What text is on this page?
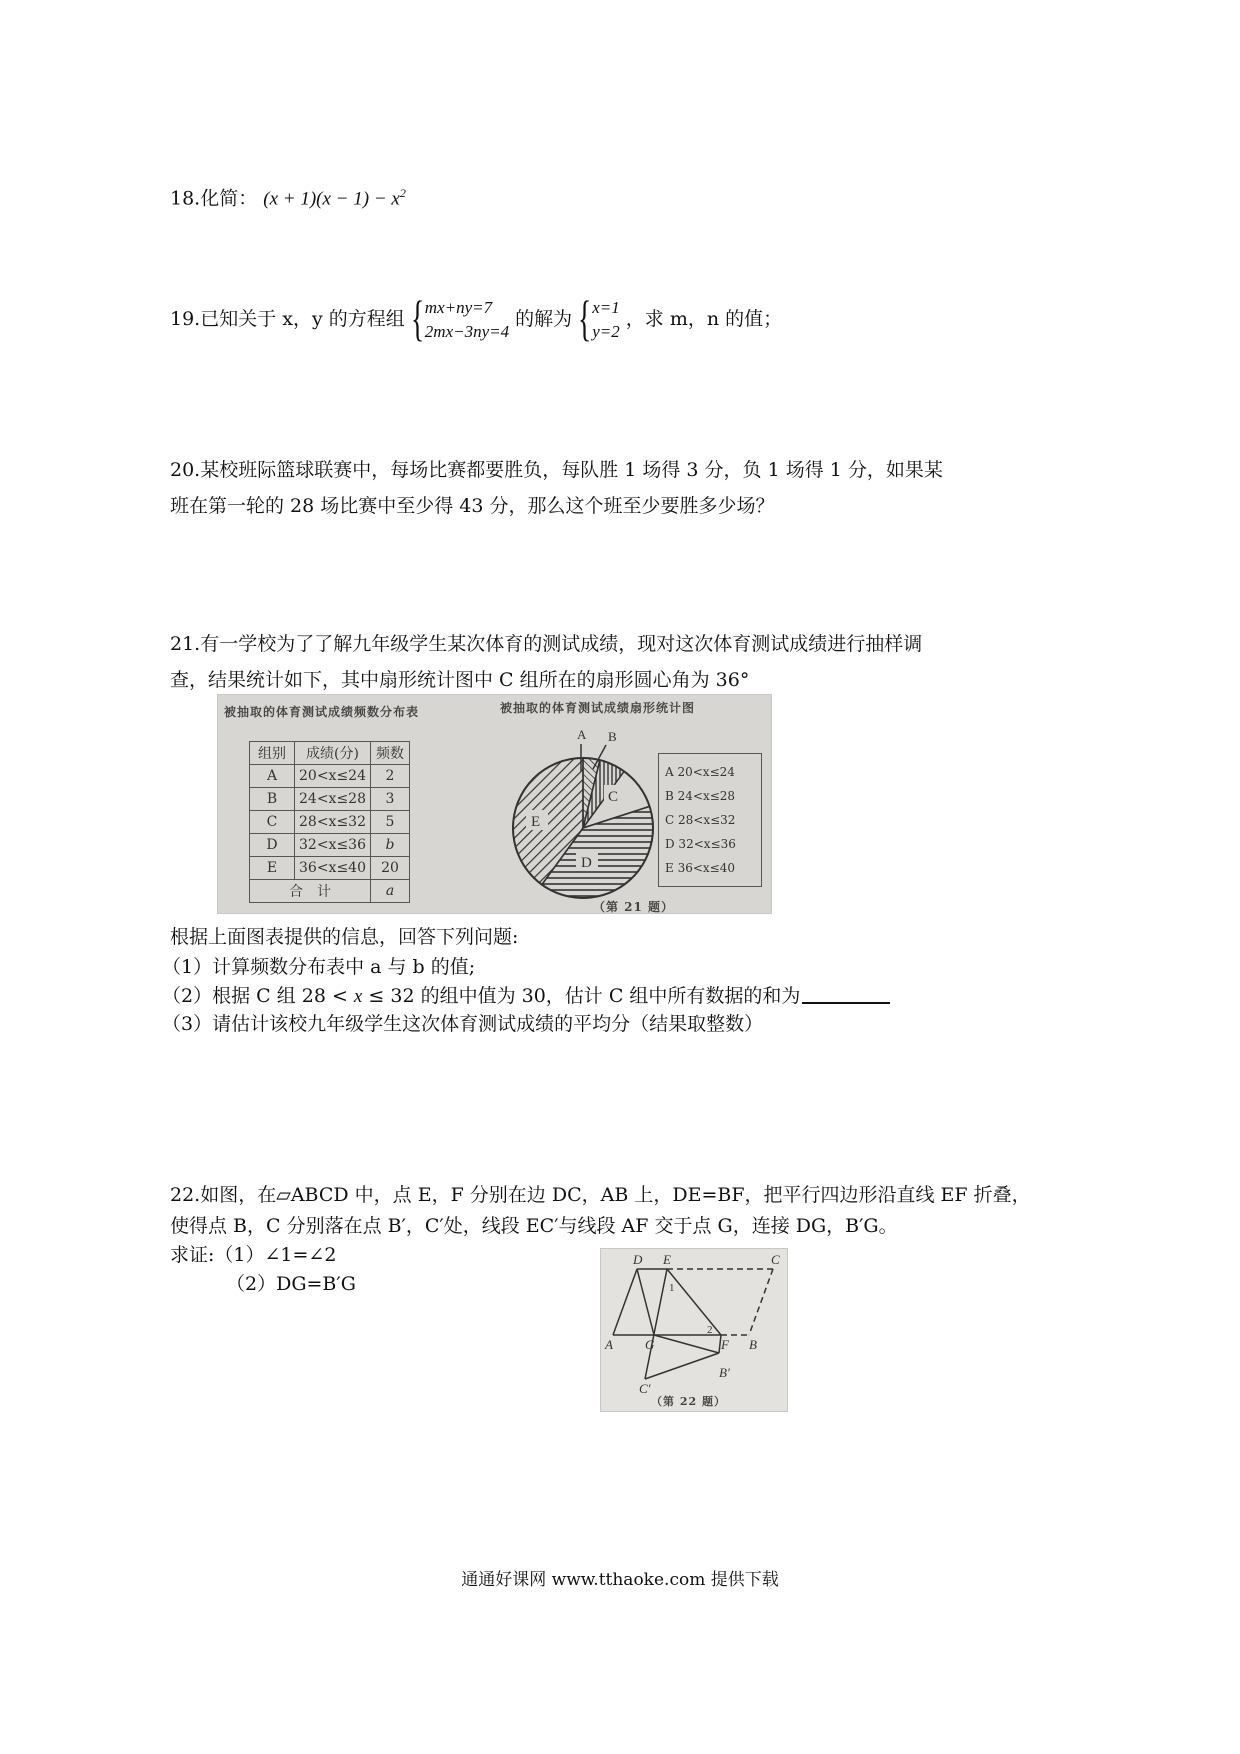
18.化简： $(x + 1)(x - 1) - x^2$
19.已知关于 x，y 的方程组 { mx+ny=7
2mx−3ny=4
的解为 { x=1
y=2
，求 m，n 的值；
20.某校班际篮球联赛中，每场比赛都要胜负，每队胜 1 场得 3 分，负 1 场得 1 分，如果某
班在第一轮的 28 场比赛中至少得 43 分，那么这个班至少要胜多少场？
21.有一学校为了了解九年级学生某次体育的测试成绩，现对这次体育测试成绩进行抽样调
查，结果统计如下，其中扇形统计图中 C 组所在的扇形圆心角为 36°
被抽取的体育测试成绩频数分布表	被抽取的体育测试成绩扇形统计图
组别	成绩(分)	频数
A	20<x≤24	2
B	24<x≤28	3
C	28<x≤32	5
D	32<x≤36	b
E	36<x≤40	20
合　计		a
A B
C
E
D
A 20<x≤24
B 24<x≤28
C 28<x≤32
D 32<x≤36
E 36<x≤40
（第 21 题）
根据上面图表提供的信息，回答下列问题:
（1）计算频数分布表中 a 与 b 的值;
（2）根据 C 组 28 < x ≤ 32 的组中值为 30，估计 C 组中所有数据的和为
（3）请估计该校九年级学生这次体育测试成绩的平均分（结果取整数）
22.如图，在▱ABCD 中，点 E，F 分别在边 DC，AB 上，DE=BF，把平行四边形沿直线 EF 折叠，
使得点 B，C 分别落在点 B′，C′处，线段 EC′与线段 AF 交于点 G，连接 DG，B′G。
求证:（1）∠1=∠2
（2）DG=B′G
D E	C
A G	F B
B′
C′
1
2
（第 22 题）
通通好课网 www.tthaoke.com 提供下载
